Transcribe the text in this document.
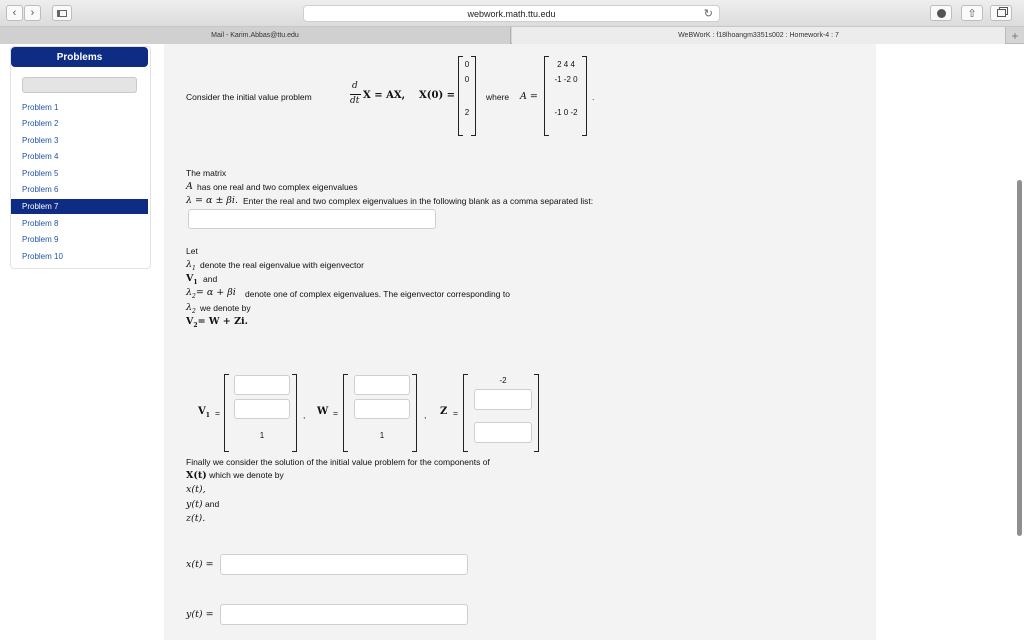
‹ ›	webwork.math.ttu.edu	↻	⇧
Mail - Karim.Abbas@ttu.edu	WeBWorK : f18lhoangm3351s002 : Homework-4 : 7	+
Problems
Problem 1
Problem 2
Problem 3
Problem 4
Problem 5
Problem 6
Problem 7
Problem 8
Problem 9
Problem 10
Consider the initial value problem
d
dt X = AX, X(0) =
0
0
2
where A =
2 4 4
-1 -2 0
-1 0 -2
.
The matrix
A has one real and two complex eigenvalues
λ = α ± βi. Enter the real and two complex eigenvalues in the following blank as a comma separated list:
Let
$\lambda_1$ denote the real eigenvalue with eigenvector
$V_1$ and
$\lambda_2= \alpha + \beta i$ denote one of complex eigenvalues. The eigenvector corresponding to
$\lambda_2$ we denote by
$V_2= W + Zi$.
$V_1$ =
1
, W =
1
, Z =
-2
Finally we consider the solution of the initial value problem for the components of
X(t) which we denote by
x(t),
y(t) and
z(t).
x(t) =
y(t) =
